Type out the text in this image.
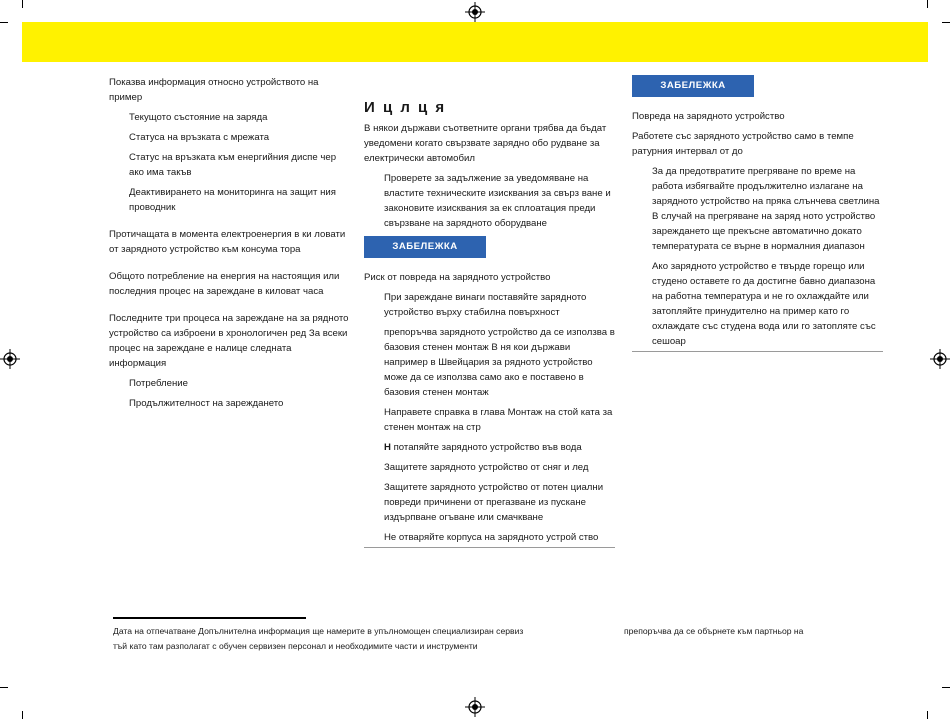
Показва информация относно устройството на пример

Текущото състояние на заряда

Статуса на връзката с мрежата

Статус на връзката към енергийния диспе чер ако има такъв

Деактивирането на мониторинга на защит ния проводник

Протичащата в момента електроенергия в ки ловати от зарядното устройство към консума тора

Общото потребление на енергия на настоящия или последния процес на зареждане в киловат часа

Последните три процеса на зареждане на за рядното устройство са изброени в хронологичен ред За всеки процес на зареждане е налице следната информация

Потребление

Продължителност на зареждането

И ц л ц я

В някои държави съответните органи трябва да бъдат уведомени когато свързвате зарядно обо рудване за електрически автомобил

Проверете за задължение за уведомяване на властите техническите изисквания за свърз ване и законовите изисквания за ек сплоатация преди свързване на зарядното оборудване

ЗАБЕЛЕЖКА

Риск от повреда на зарядното устройство

При зареждане винаги поставяйте зарядното устройство върху стабилна повърхност

препоръчва зарядното устройство да се използва в базовия стенен монтаж В ня кои държави например в Швейцария за рядното устройство може да се използва само ако е поставено в базовия стенен монтаж

Направете справка в глава Монтаж на стой ката за стенен монтаж на стр

Н потапяйте зарядното устройство във вода

Защитете зарядното устройство от сняг и лед

Защитете зарядното устройство от потен циални повреди причинени от прегазване из пускане издърпване огъване или смачкване

Не отваряйте корпуса на зарядното устрой ство

ЗАБЕЛЕЖКА

Повреда на зарядното устройство

Работете със зарядното устройство само в темпе ратурния интервал от до

За да предотвратите прегряване по време на работа избягвайте продължително излагане на зарядното устройство на пряка слънчева светлина В случай на прегряване на заряд ното устройство зареждането ще прекъсне автоматично докато температурата се върне в нормалния диапазон

Ако зарядното устройство е твърде горещо или студено оставете го да достигне бавно диапазона на работна температура и не го охлаждайте или затопляйте принудително на пример като го охлаждате със студена вода или го затопляте със сешоар

Дата на отпечатване Допълнителна информация ще намерите в упълномощен специализиран сервиз

тъй като там разполагат с обучен сервизен персонал и необходимите части и инструменти

препоръчва да се обърнете към партньор на
